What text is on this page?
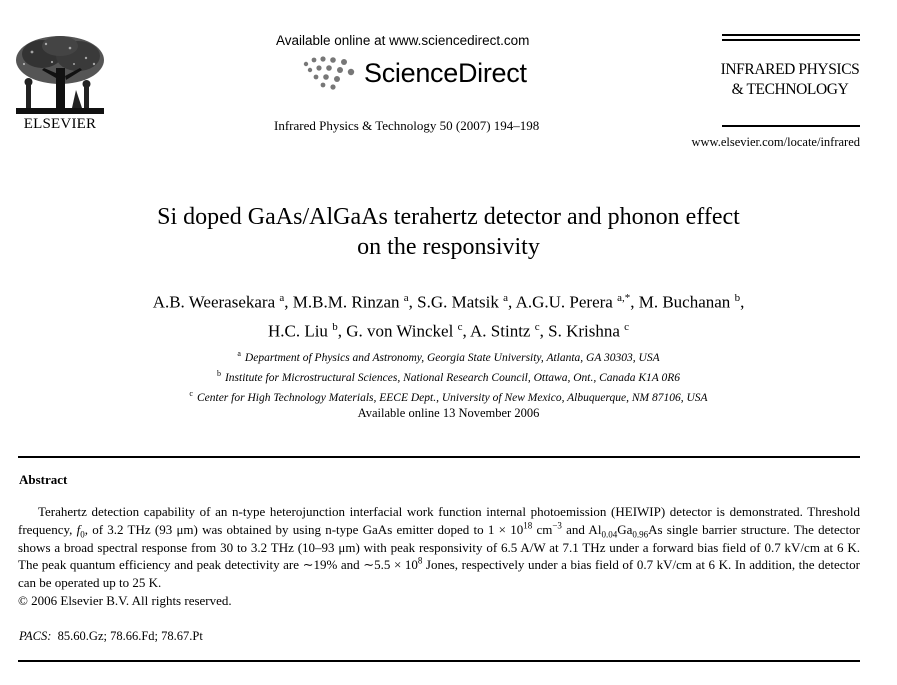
ELSEVIER
Available online at www.sciencedirect.com
ScienceDirect
Infrared Physics & Technology 50 (2007) 194–198
INFRARED PHYSICS
& TECHNOLOGY
www.elsevier.com/locate/infrared
Si doped GaAs/AlGaAs terahertz detector and phonon effect
on the responsivity
A.B. Weerasekara $^a$, M.B.M. Rinzan $^a$, S.G. Matsik $^a$, A.G.U. Perera $^{a,*}$, M. Buchanan $^b$,
H.C. Liu $^b$, G. von Winckel $^c$, A. Stintz $^c$, S. Krishna $^c$
$^a$ Department of Physics and Astronomy, Georgia State University, Atlanta, GA 30303, USA
$^b$ Institute for Microstructural Sciences, National Research Council, Ottawa, Ont., Canada K1A 0R6
$^c$ Center for High Technology Materials, EECE Dept., University of New Mexico, Albuquerque, NM 87106, USA
Available online 13 November 2006
Abstract

Terahertz detection capability of an n-type heterojunction interfacial work function internal photoemission (HEIWIP) detector is demonstrated. Threshold frequency, $f_0$, of 3.2 THz (93 μm) was obtained by using n-type GaAs emitter doped to $1 \times 10^{18}$ $cm^{-3}$ and $Al_{0.04}Ga_{0.96}As$ single barrier structure. The detector shows a broad spectral response from 30 to 3.2 THz (10–93 μm) with peak responsivity of 6.5 A/W at 7.1 THz under a forward bias field of 0.7 kV/cm at 6 K. The peak quantum efficiency and peak detectivity are ∼19% and ∼5.5 × $10^8$ Jones, respectively under a bias field of 0.7 kV/cm at 6 K. In addition, the detector can be operated up to 25 K.

© 2006 Elsevier B.V. All rights reserved.
PACS: 85.60.Gz; 78.66.Fd; 78.67.Pt
